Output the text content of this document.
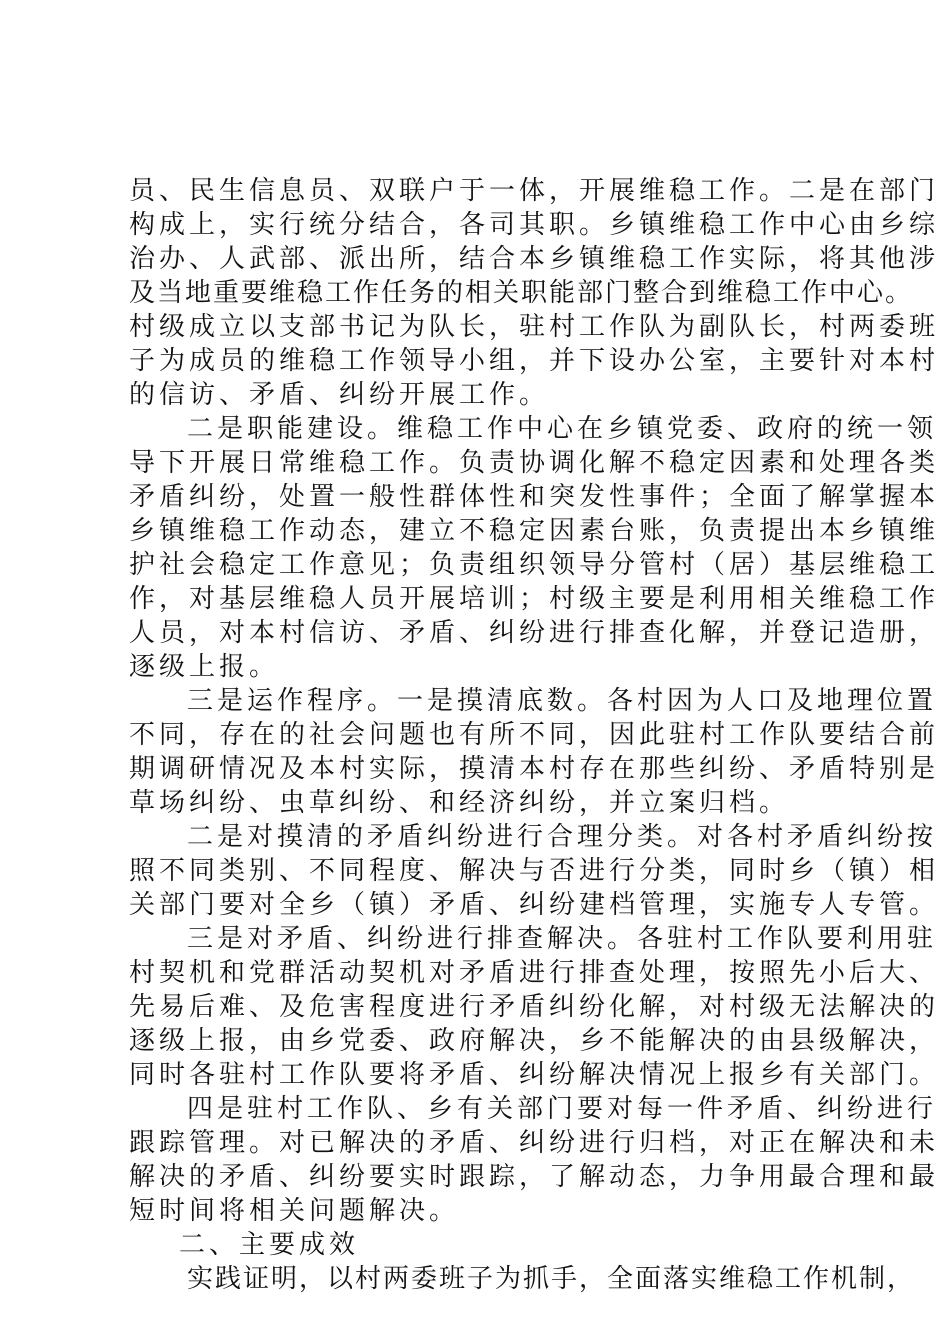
员、民生信息员、双联户于一体，开展维稳工作。二是在部门
构成上，实行统分结合，各司其职。乡镇维稳工作中心由乡综
治办、人武部、派出所，结合本乡镇维稳工作实际，将其他涉
及当地重要维稳工作任务的相关职能部门整合到维稳工作中心。
村级成立以支部书记为队长，驻村工作队为副队长，村两委班
子为成员的维稳工作领导小组，并下设办公室，主要针对本村
的信访、矛盾、纠纷开展工作。
二是职能建设。维稳工作中心在乡镇党委、政府的统一领
导下开展日常维稳工作。负责协调化解不稳定因素和处理各类
矛盾纠纷，处置一般性群体性和突发性事件；全面了解掌握本
乡镇维稳工作动态，建立不稳定因素台账，负责提出本乡镇维
护社会稳定工作意见；负责组织领导分管村（居）基层维稳工
作，对基层维稳人员开展培训；村级主要是利用相关维稳工作
人员，对本村信访、矛盾、纠纷进行排查化解，并登记造册，
逐级上报。
三是运作程序。一是摸清底数。各村因为人口及地理位置
不同，存在的社会问题也有所不同，因此驻村工作队要结合前
期调研情况及本村实际，摸清本村存在那些纠纷、矛盾特别是
草场纠纷、虫草纠纷、和经济纠纷，并立案归档。
二是对摸清的矛盾纠纷进行合理分类。对各村矛盾纠纷按
照不同类别、不同程度、解决与否进行分类，同时乡（镇）相
关部门要对全乡（镇）矛盾、纠纷建档管理，实施专人专管。
三是对矛盾、纠纷进行排查解决。各驻村工作队要利用驻
村契机和党群活动契机对矛盾进行排查处理，按照先小后大、
先易后难、及危害程度进行矛盾纠纷化解，对村级无法解决的
逐级上报，由乡党委、政府解决，乡不能解决的由县级解决，
同时各驻村工作队要将矛盾、纠纷解决情况上报乡有关部门。
四是驻村工作队、乡有关部门要对每一件矛盾、纠纷进行
跟踪管理。对已解决的矛盾、纠纷进行归档，对正在解决和未
解决的矛盾、纠纷要实时跟踪，了解动态，力争用最合理和最
短时间将相关问题解决。
二、主要成效
实践证明，以村两委班子为抓手，全面落实维稳工作机制，
